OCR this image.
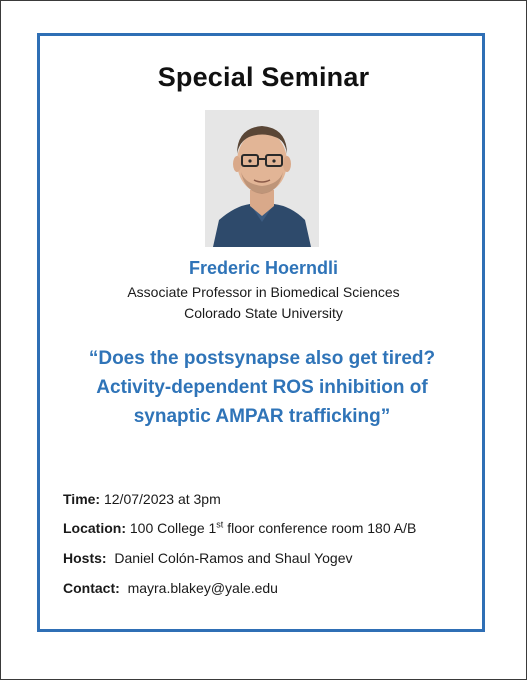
Special Seminar
Frederic Hoerndli
Associate Professor in Biomedical Sciences
Colorado State University
“Does the postsynapse also get tired?
Activity-dependent ROS inhibition of
synaptic AMPAR trafficking”
Time: 12/07/2023 at 3pm
Location: 100 College 1st floor conference room 180 A/B
Hosts: Daniel Colón-Ramos and Shaul Yogev
Contact: mayra.blakey@yale.edu
